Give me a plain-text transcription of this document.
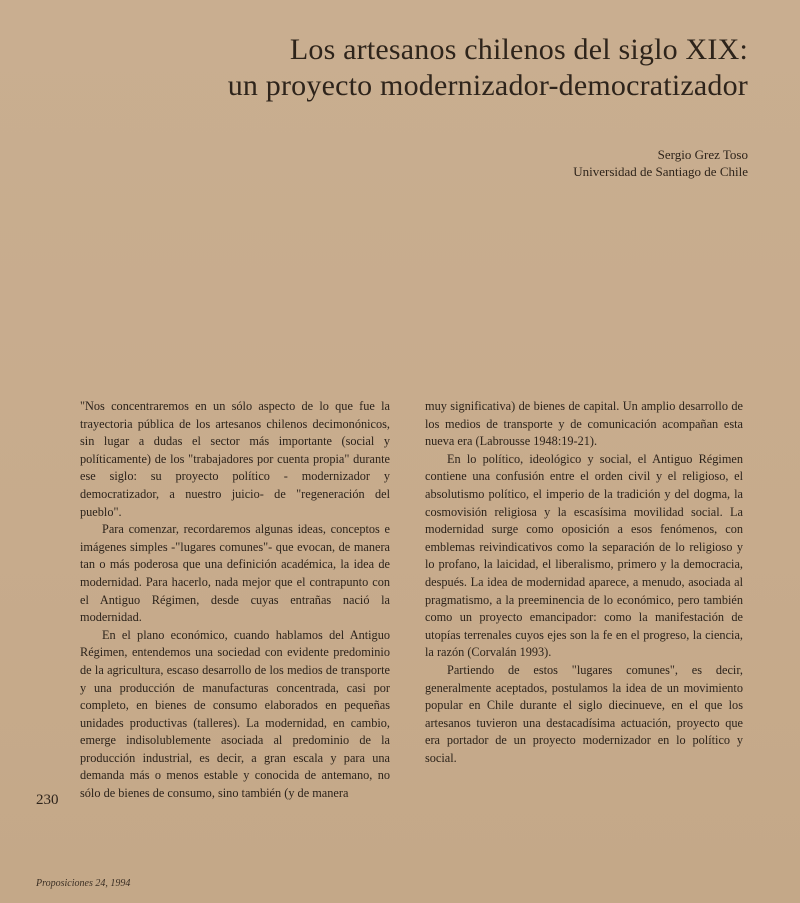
Los artesanos chilenos del siglo XIX:
un proyecto modernizador-democratizador
Sergio Grez Toso
Universidad de Santiago de Chile

"Nos concentraremos en un sólo aspecto de lo que fue la trayectoria pública de los artesanos chilenos decimonónicos, sin lugar a dudas el sector más importante (social y políticamente) de los "trabajadores por cuenta propia" durante ese siglo: su proyecto político - modernizador y democratizador, a nuestro juicio- de "regeneración del pueblo".

Para comenzar, recordaremos algunas ideas, conceptos e imágenes simples -"lugares comunes"- que evocan, de manera tan o más poderosa que una definición académica, la idea de modernidad. Para hacerlo, nada mejor que el contrapunto con el Antiguo Régimen, desde cuyas entrañas nació la modernidad.

En el plano económico, cuando hablamos del Antiguo Régimen, entendemos una sociedad con evidente predominio de la agricultura, escaso desarrollo de los medios de transporte y una producción de manufacturas concentrada, casi por completo, en bienes de consumo elaborados en pequeñas unidades productivas (talleres). La modernidad, en cambio, emerge indisolublemente asociada al predominio de la producción industrial, es decir, a gran escala y para una demanda más o menos estable y conocida de antemano, no sólo de bienes de consumo, sino también (y de manera

muy significativa) de bienes de capital. Un amplio desarrollo de los medios de transporte y de comunicación acompañan esta nueva era (Labrousse 1948:19-21).

En lo político, ideológico y social, el Antiguo Régimen contiene una confusión entre el orden civil y el religioso, el absolutismo político, el imperio de la tradición y del dogma, la cosmovisión religiosa y la escasísima movilidad social. La modernidad surge como oposición a esos fenómenos, con emblemas reivindicativos como la separación de lo religioso y lo profano, la laicidad, el liberalismo, primero y la democracia, después. La idea de modernidad aparece, a menudo, asociada al pragmatismo, a la preeminencia de lo económico, pero también como un proyecto emancipador: como la manifestación de utopías terrenales cuyos ejes son la fe en el progreso, la ciencia, la razón (Corvalán 1993).

Partiendo de estos "lugares comunes", es decir, generalmente aceptados, postulamos la idea de un movimiento popular en Chile durante el siglo diecinueve, en el que los artesanos tuvieron una destacadísima actuación, proyecto que era portador de un proyecto modernizador en lo político y social.

230
Proposiciones 24, 1994
